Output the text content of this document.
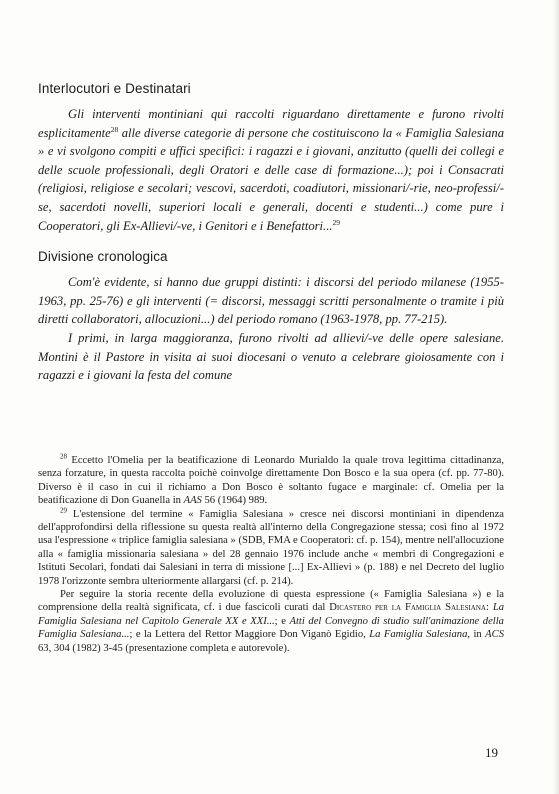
Interlocutori e Destinatari

Gli interventi montiniani qui raccolti riguardano direttamente e furono rivolti esplicitamente$^{28}$ alle diverse categorie di persone che costituiscono la « Famiglia Salesiana » e vi svolgono compiti e uffici specifici: i ragazzi e i giovani, anzitutto (quelli dei collegi e delle scuole professionali, degli Oratori e delle case di formazione...); poi i Consacrati (religiosi, religiose e secolari; vescovi, sacerdoti, coadiutori, missionari/-rie, neo-professi/-se, sacerdoti novelli, superiori locali e generali, docenti e studenti...) come pure i Cooperatori, gli Ex-Allievi/-ve, i Genitori e i Benefattori...$^{29}$

Divisione cronologica

Com'è evidente, si hanno due gruppi distinti: i discorsi del periodo milanese (1955-1963, pp. 25-76) e gli interventi (= discorsi, messaggi scritti personalmente o tramite i più diretti collaboratori, allocuzioni...) del periodo romano (1963-1978, pp. 77-215).

I primi, in larga maggioranza, furono rivolti ad allievi/-ve delle opere salesiane. Montini è il Pastore in visita ai suoi diocesani o venuto a celebrare gioiosamente con i ragazzi e i giovani la festa del comune

$^{28}$ Eccetto l'Omelia per la beatificazione di Leonardo Murialdo la quale trova legittima cittadinanza, senza forzature, in questa raccolta poichè coinvolge direttamente Don Bosco e la sua opera (cf. pp. 77-80). Diverso è il caso in cui il richiamo a Don Bosco è soltanto fugace e marginale: cf. Omelia per la beatificazione di Don Guanella in AAS 56 (1964) 989.

$^{29}$ L'estensione del termine « Famiglia Salesiana » cresce nei discorsi montiniani in dipendenza dell'approfondirsi della riflessione su questa realtà all'interno della Congregazione stessa; così fino al 1972 usa l'espressione « triplice famiglia salesiana » (SDB, FMA e Cooperatori: cf. p. 154), mentre nell'allocuzione alla « famiglia missionaria salesiana » del 28 gennaio 1976 include anche « membri di Congregazioni e Istituti Secolari, fondati dai Salesiani in terra di missione [...] Ex-Allievi » (p. 188) e nel Decreto del luglio 1978 l'orizzonte sembra ulteriormente allargarsi (cf. p. 214).

Per seguire la storia recente della evoluzione di questa espressione (« Famiglia Salesiana ») e la comprensione della realtà significata, cf. i due fascicoli curati dal Dicastero per la Famiglia Salesiana: La Famiglia Salesiana nel Capitolo Generale XX e XXI...; e Atti del Convegno di studio sull'animazione della Famiglia Salesiana...; e la Lettera del Rettor Maggiore Don Viganò Egidio, La Famiglia Salesiana, in ACS 63, 304 (1982) 3-45 (presentazione completa e autorevole).

19
